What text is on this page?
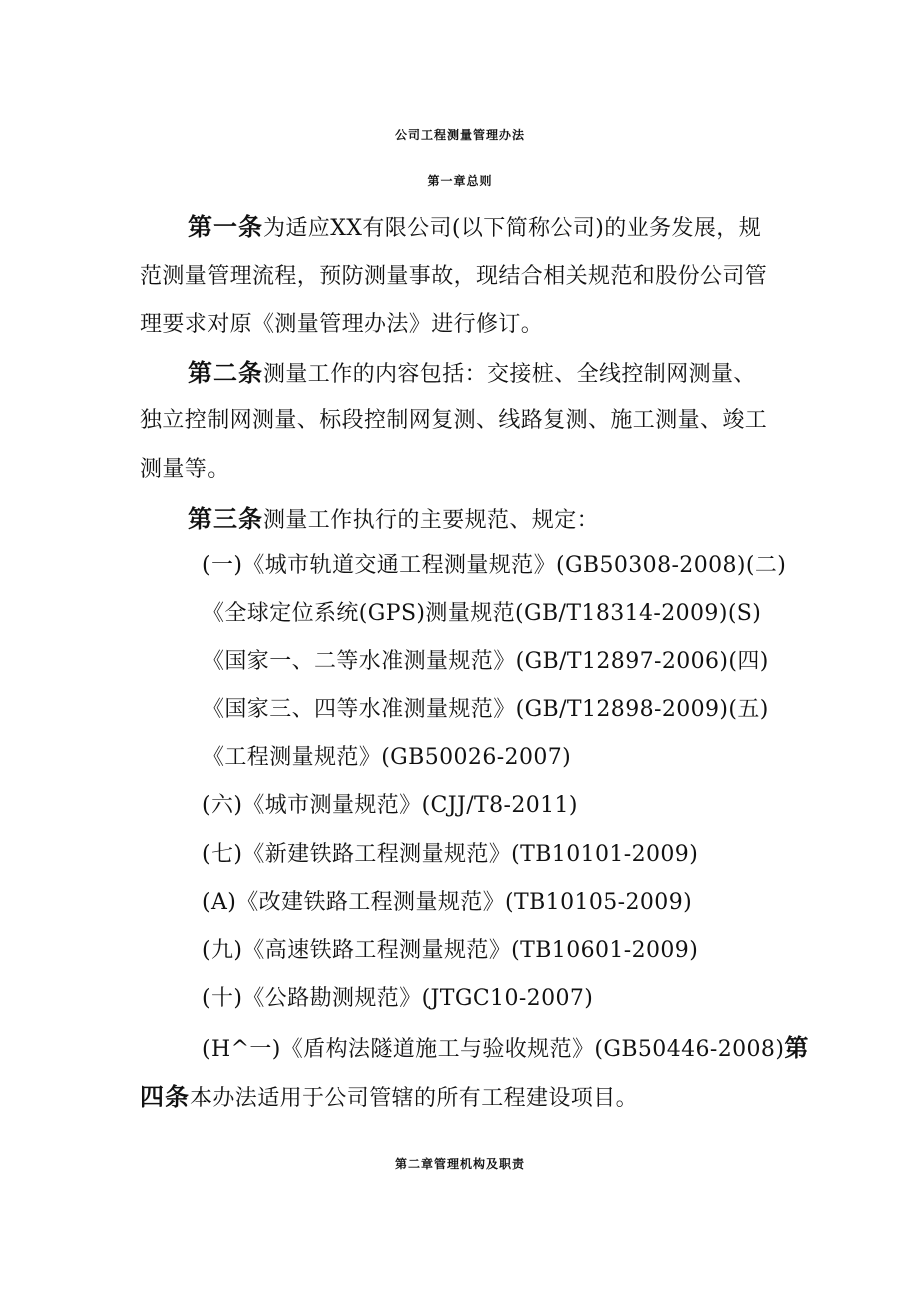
公司工程测量管理办法
第一章总则
第一条为适应XX有限公司(以下简称公司)的业务发展，规
范测量管理流程，预防测量事故，现结合相关规范和股份公司管
理要求对原《测量管理办法》进行修订。
第二条测量工作的内容包括：交接桩、全线控制网测量、
独立控制网测量、标段控制网复测、线路复测、施工测量、竣工
测量等。
第三条测量工作执行的主要规范、规定：
(一)《城市轨道交通工程测量规范》(GB50308-2008)(二)
《全球定位系统(GPS)测量规范(GB/T18314-2009)(S)
《国家一、二等水准测量规范》(GB/T12897-2006)(四)
《国家三、四等水准测量规范》(GB/T12898-2009)(五)
《工程测量规范》(GB50026-2007)
(六)《城市测量规范》(CJJ/T8-2011)
(七)《新建铁路工程测量规范》(TB10101-2009)
(A)《改建铁路工程测量规范》(TB10105-2009)
(九)《高速铁路工程测量规范》(TB10601-2009)
(十)《公路勘测规范》(JTGC10-2007)
(H^一)《盾构法隧道施工与验收规范》(GB50446-2008)第
四条本办法适用于公司管辖的所有工程建设项目。
第二章管理机构及职责
